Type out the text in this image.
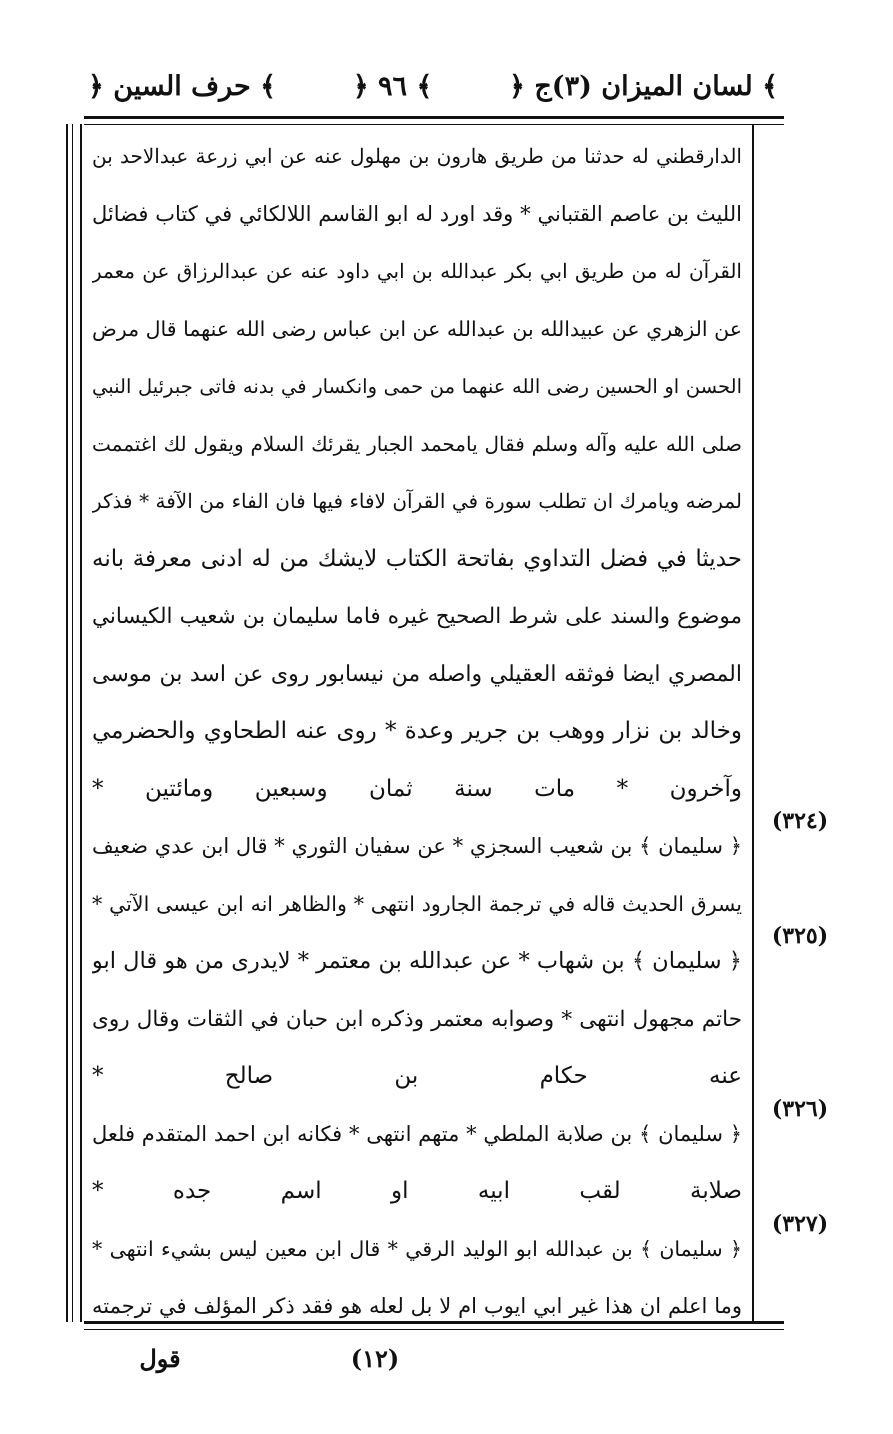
﴿ لسان الميزان (٣)ج ﴾
﴿ ٩٦ ﴾
﴿ حرف السين ﴾
الدارقطني له حدثنا من طريق هارون بن مهلول عنه عن ابي زرعة عبدالاحد بن
الليث بن عاصم القتباني * وقد اورد له ابو القاسم اللالكائي في كتاب فضائل
القرآن له من طريق ابي بكر عبدالله بن ابي داود عنه عن عبدالرزاق عن معمر
عن الزهري عن عبيدالله بن عبدالله عن ابن عباس رضى الله عنهما قال مرض
الحسن او الحسين رضى الله عنهما من حمى وانكسار في بدنه فاتى جبرئيل النبي
صلى الله عليه وآله وسلم فقال يامحمد الجبار يقرئك السلام ويقول لك اغتممت
لمرضه ويامرك ان تطلب سورة في القرآن لافاء فيها فان الفاء من الآفة * فذكر
حديثا في فضل التداوي بفاتحة الكتاب لايشك من له ادنى معرفة بانه
موضوع والسند على شرط الصحيح غيره فاما سليمان بن شعيب الكيساني
المصري ايضا فوثقه العقيلي واصله من نيسابور روى عن اسد بن موسى
وخالد بن نزار ووهب بن جرير وعدة * روى عنه الطحاوي والحضرمي
وآخرون * مات سنة ثمان وسبعين ومائتين *
﴿ سليمان ﴾ بن شعيب السجزي * عن سفيان الثوري * قال ابن عدي ضعيف
يسرق الحديث قاله في ترجمة الجارود انتهى * والظاهر انه ابن عيسى الآتي *
﴿ سليمان ﴾ بن شهاب * عن عبدالله بن معتمر * لايدرى من هو قال ابو
حاتم مجهول انتهى * وصوابه معتمر وذكره ابن حبان في الثقات وقال روى
عنه حكام بن صالح *
﴿ سليمان ﴾ بن صلابة الملطي * متهم انتهى * فكانه ابن احمد المتقدم فلعل
صلابة لقب ابيه او اسم جده *
﴿ سليمان ﴾ بن عبدالله ابو الوليد الرقي * قال ابن معين ليس بشيء انتهى *
وما اعلم ان هذا غير ابي ايوب ام لا بل لعله هو فقد ذكر المؤلف في ترجمته
(٣٢٤)
(٣٢٥)
(٣٢٦)
(٣٢٧)
(١٢)
قول
